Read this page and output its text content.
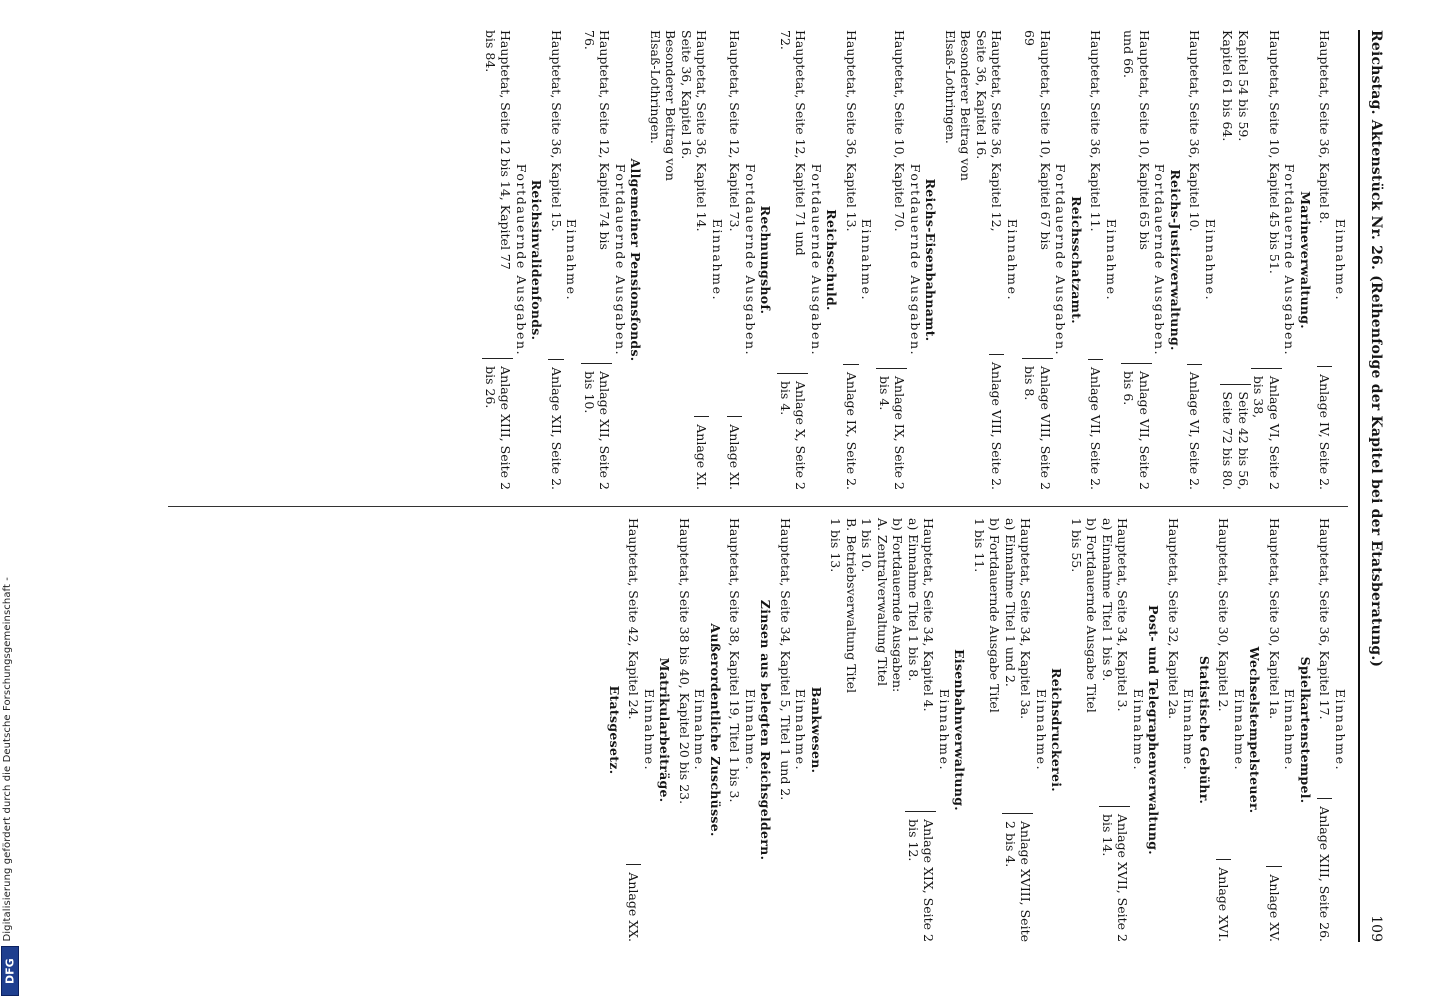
Reichstag. Aktenstück Nr. 26. (Reihenfolge der Kapitel bei der Etatsberatung.)
109
Einnahme.
Hauptetat, Seite 36, Kapitel 8.
Anlage IV, Seite 2.
Marineverwaltung.
Fortdauernde Ausgaben.
Hauptetat, Seite 10, Kapitel 45 bis 51.
Anlage VI, Seite 2
bis 38,
Kapitel 54 bis 59.
Kapitel 61 bis 64.
Seite 42 bis 56,
Seite 72 bis 80.
Einnahme.
Hauptetat, Seite 36, Kapitel 10.
Anlage VI, Seite 2.
Reichs-Justizverwaltung.
Fortdauernde Ausgaben.
Hauptetat, Seite 10, Kapitel 65 bis
und 66.
Anlage VII, Seite 2
bis 6.
Einnahme.
Hauptetat, Seite 36, Kapitel 11.
Anlage VII, Seite 2.
Reichsschatzamt.
Fortdauernde Ausgaben.
Hauptetat, Seite 10, Kapitel 67 bis
69
Anlage VIII, Seite 2
bis 8.
Einnahme.
Hauptetat, Seite 36, Kapitel 12,
Seite 36, Kapitel 16.
Besonderer Beitrag von
Elsaß-Lothringen.
Anlage VIII, Seite 2.
Reichs-Eisenbahnamt.
Fortdauernde Ausgaben.
Hauptetat, Seite 10, Kapitel 70.
Anlage IX, Seite 2
bis 4.
Einnahme.
Hauptetat, Seite 36, Kapitel 13.
Anlage IX, Seite 2.
Reichsschuld.
Fortdauernde Ausgaben.
Hauptetat, Seite 12, Kapitel 71 und
72.
Anlage X, Seite 2
bis 4.
Rechnungshof.
Fortdauernde Ausgaben.
Hauptetat, Seite 12, Kapitel 73.
Anlage XI.
Einnahme.
Hauptetat, Seite 36, Kapitel 14.
Seite 36, Kapitel 16.
Besonderer Beitrag von
Elsaß-Lothringen.
Anlage XI.
Allgemeiner Pensionsfonds.
Fortdauernde Ausgaben.
Hauptetat, Seite 12, Kapitel 74 bis
76.
Anlage XII, Seite 2
bis 10.
Einnahme.
Hauptetat, Seite 36, Kapitel 15.
Anlage XII, Seite 2.
Reichsinvalidenfonds.
Fortdauernde Ausgaben.
Hauptetat, Seite 12 bis 14, Kapitel 77
bis 84.
Anlage XIII, Seite 2
bis 26.
Einnahme.
Hauptetat, Seite 36, Kapitel 17.
Anlage XIII, Seite 26.
Spielkartenstempel.
Einnahme.
Hauptetat, Seite 30, Kapitel 1a.
Anlage XV.
Wechselstempelsteuer.
Einnahme.
Hauptetat, Seite 30, Kapitel 2.
Anlage XVI.
Statistische Gebühr.
Einnahme.
Hauptetat, Seite 32, Kapitel 2a.
Post- und Telegraphenverwaltung.
Einnahme.
Hauptetat, Seite 34, Kapitel 3.
a) Einnahme Titel 1 bis 9.
b) Fortdauernde Ausgabe Titel
1 bis 55.
Anlage XVII, Seite 2
bis 14.
Reichsdruckerei.
Einnahme.
Hauptetat, Seite 34, Kapitel 3a.
a) Einnahme Titel 1 und 2.
b) Fortdauernde Ausgabe Titel
1 bis 11.
Anlage XVIII, Seite
2 bis 4.
Eisenbahnverwaltung.
Einnahme.
Hauptetat, Seite 34, Kapitel 4.
a) Einnahme Titel 1 bis 8.
b) Fortdauernde Ausgaben:
A. Zentralverwaltung Titel
1 bis 10.
B. Betriebsverwaltung Titel
1 bis 13.
Anlage XIX, Seite 2
bis 12.
Bankwesen.
Einnahme.
Hauptetat, Seite 34, Kapitel 5, Titel 1 und 2.
Zinsen aus belegten Reichsgeldern.
Einnahme.
Hauptetat, Seite 38, Kapitel 19, Titel 1 bis 3.
Außerordentliche Zuschüsse.
Einnahme.
Hauptetat, Seite 38 bis 40, Kapitel 20 bis 23.
Matrikularbeiträge.
Einnahme.
Hauptetat, Seite 42, Kapitel 24.
Anlage XX.
Etatsgesetz.
Digitalisierung gefördert durch die Deutsche Forschungsgemeinschaft -
DFG
